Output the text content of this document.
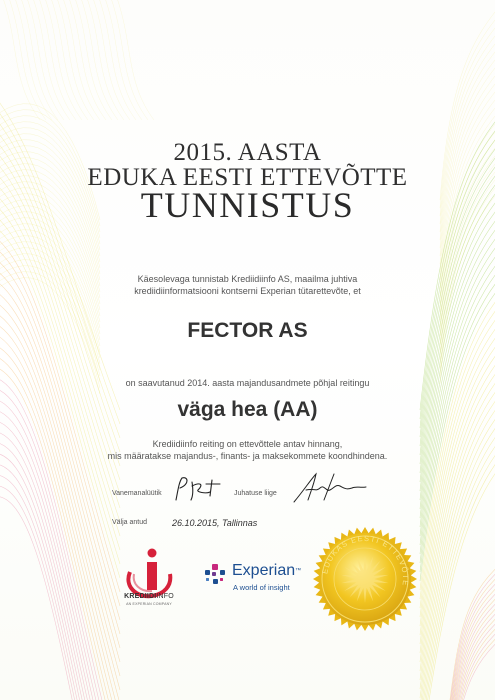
2015. AASTA
EDUKA EESTI ETTEVÕTTE
TUNNISTUS
Käesolevaga tunnistab Krediidiinfo AS, maailma juhtiva
krediidiinformatsiooni kontserni Experian tütarettevõte, et
FECTOR AS
on saavutanud 2014. aasta majandusandmete põhjal reitingu
väga hea (AA)
Krediidiinfo reiting on ettevõttele antav hinnang,
mis määratakse majandus-, finants- ja maksekommete koondhindena.
Vanemanalüütik	Juhatuse liige
Välja antud	26.10.2015, Tallinnas
KREDIIDIINFO
AN EXPERIAN COMPANY
Experian™
A world of insight
EDUKAS EESTI ETTEVÕTE
